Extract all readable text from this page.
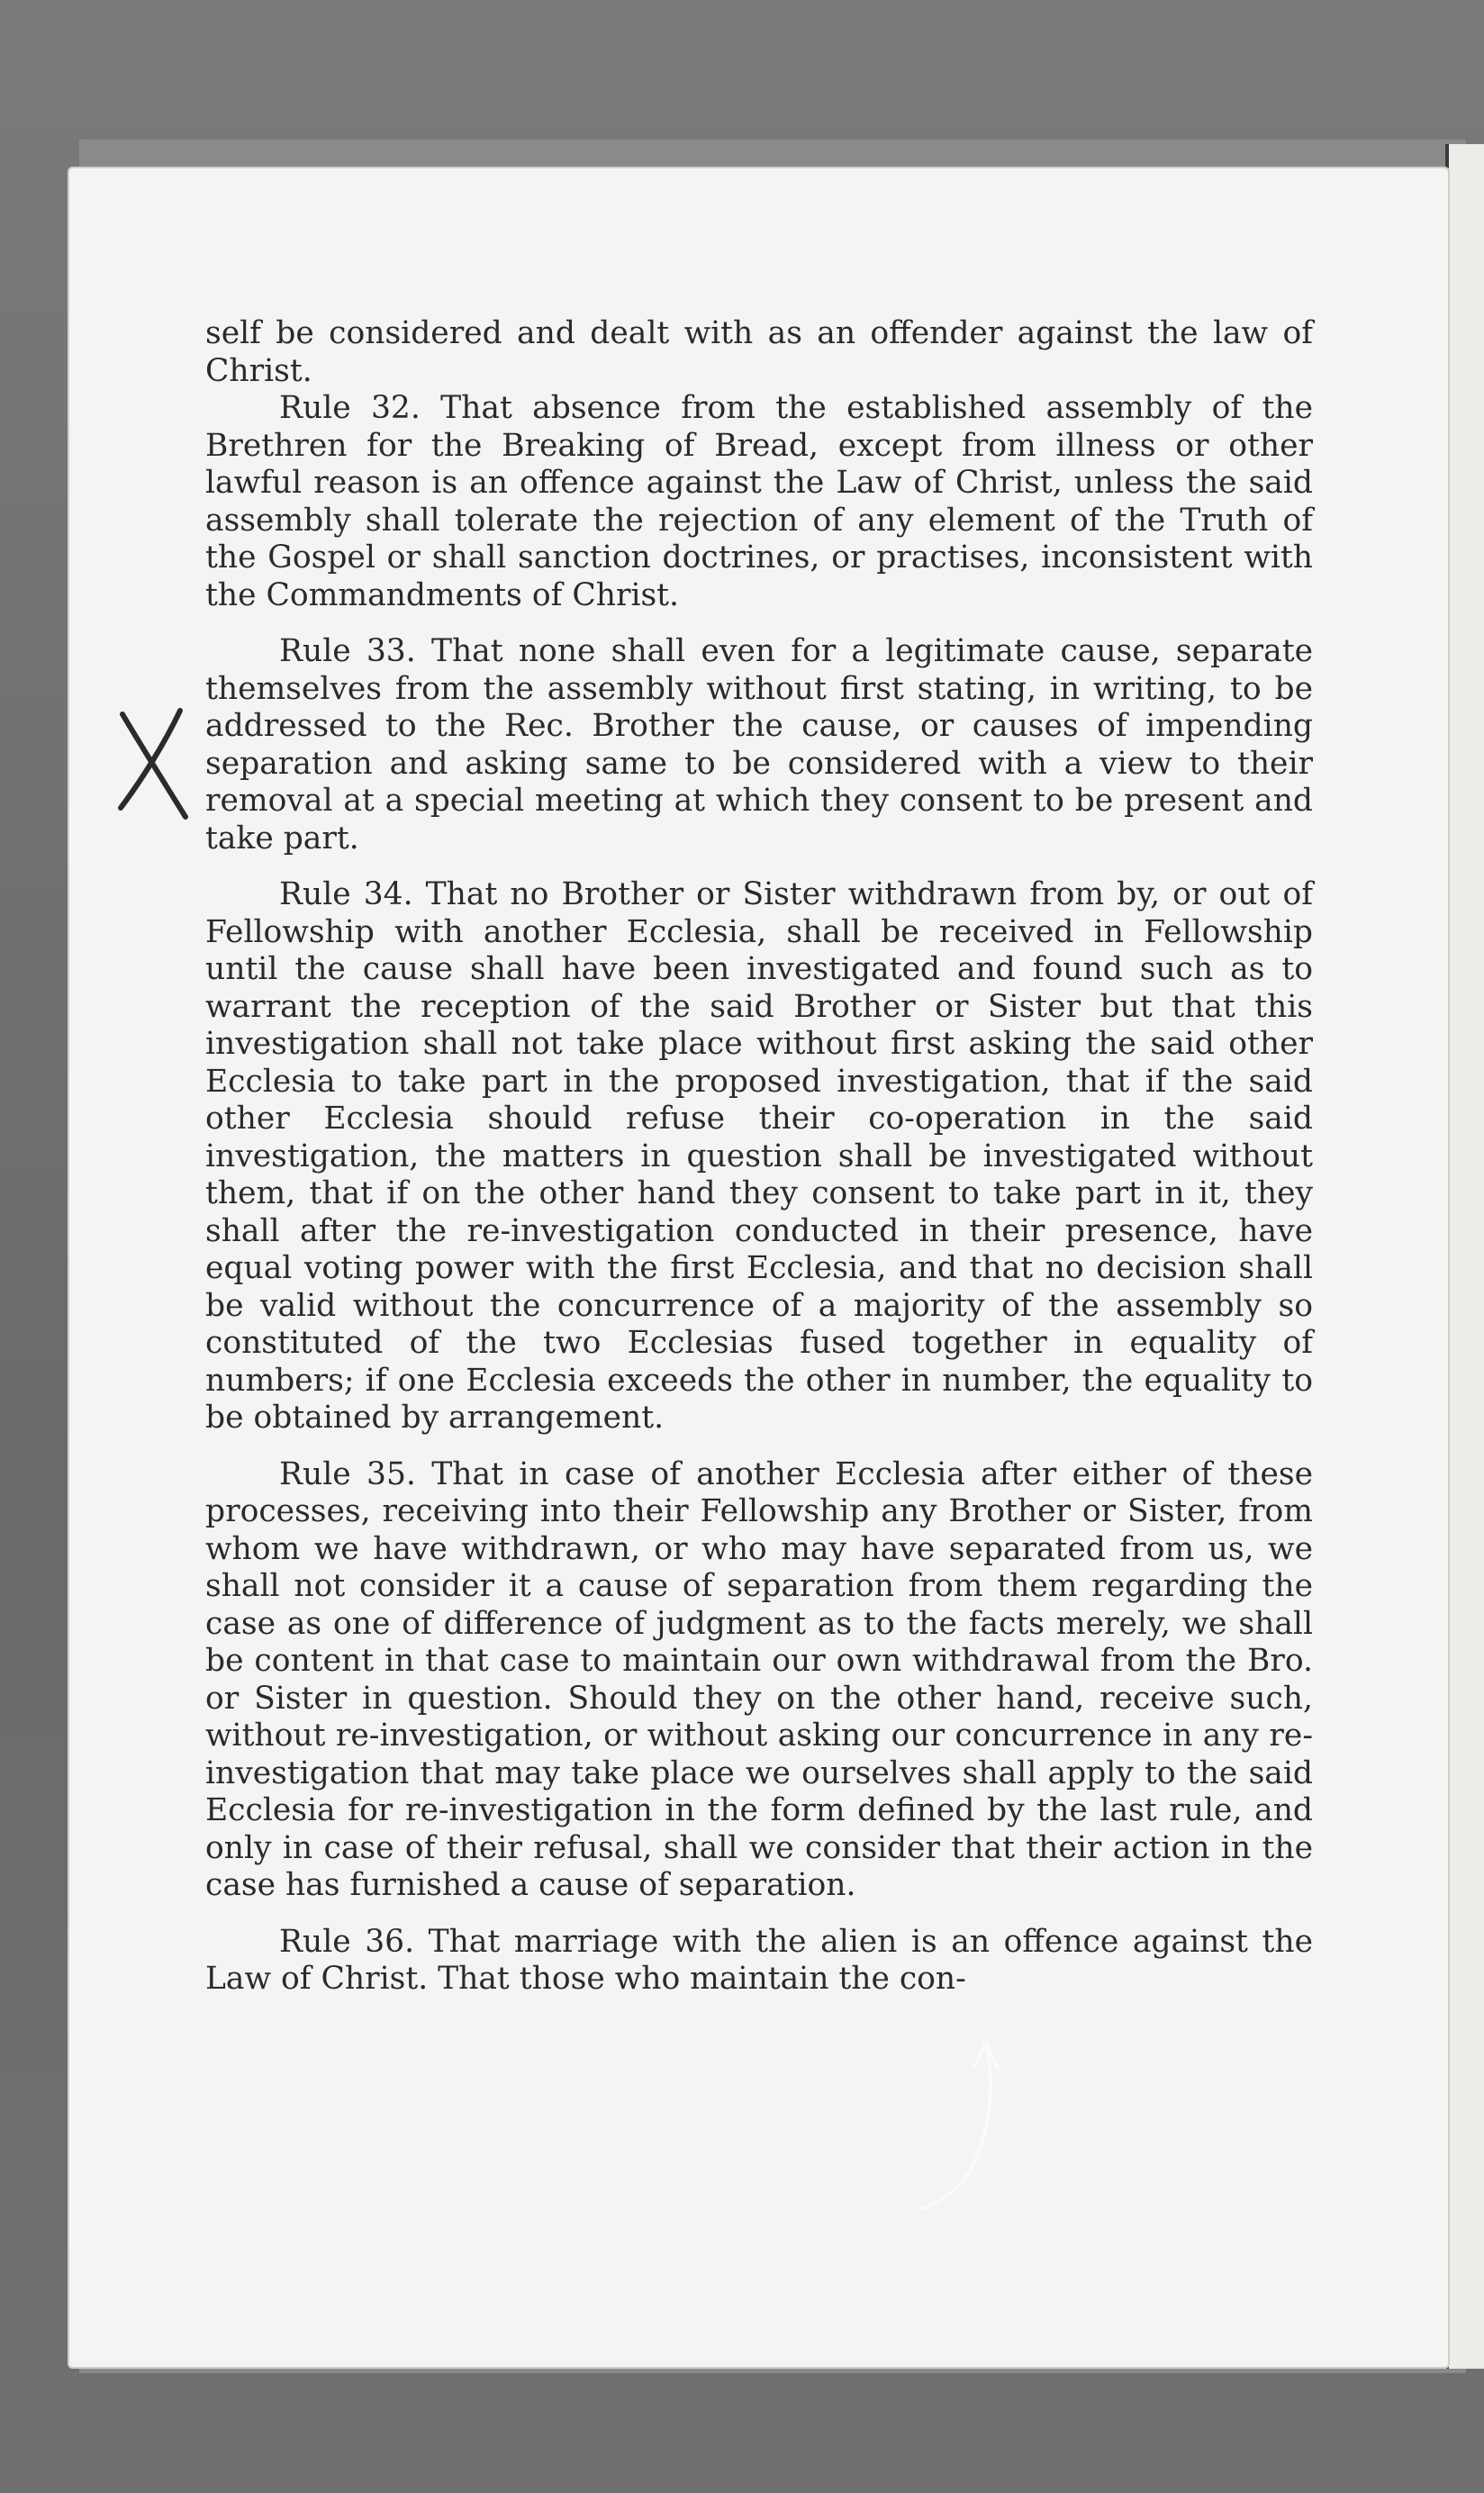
self be considered and dealt with as an offender against the law of Christ.

Rule 32. That absence from the established assembly of the Brethren for the Breaking of Bread, except from illness or other lawful reason is an offence against the Law of Christ, unless the said assembly shall tolerate the rejection of any element of the Truth of the Gospel or shall sanction doctrines, or practises, inconsistent with the Commandments of Christ.

Rule 33. That none shall even for a legitimate cause, separate themselves from the assembly without first stating, in writing, to be addressed to the Rec. Brother the cause, or causes of impending separation and asking same to be considered with a view to their removal at a special meeting at which they consent to be present and take part.

Rule 34. That no Brother or Sister withdrawn from by, or out of Fellowship with another Ecclesia, shall be received in Fellowship until the cause shall have been investigated and found such as to warrant the reception of the said Brother or Sister but that this investigation shall not take place without first asking the said other Ecclesia to take part in the proposed investigation, that if the said other Ecclesia should refuse their co-operation in the said investigation, the matters in question shall be investigated without them, that if on the other hand they consent to take part in it, they shall after the re-investigation conducted in their presence, have equal voting power with the first Ecclesia, and that no decision shall be valid without the concurrence of a majority of the assembly so constituted of the two Ecclesias fused together in equality of numbers; if one Ecclesia exceeds the other in number, the equality to be obtained by arrangement.

Rule 35. That in case of another Ecclesia after either of these processes, receiving into their Fellowship any Brother or Sister, from whom we have withdrawn, or who may have separated from us, we shall not consider it a cause of separation from them regarding the case as one of difference of judgment as to the facts merely, we shall be content in that case to maintain our own withdrawal from the Bro. or Sister in question. Should they on the other hand, receive such, without re-investigation, or without asking our concurrence in any re-investigation that may take place we ourselves shall apply to the said Ecclesia for re-investigation in the form defined by the last rule, and only in case of their refusal, shall we consider that their action in the case has furnished a cause of separation.

Rule 36. That marriage with the alien is an offence against the Law of Christ. That those who maintain the con-
